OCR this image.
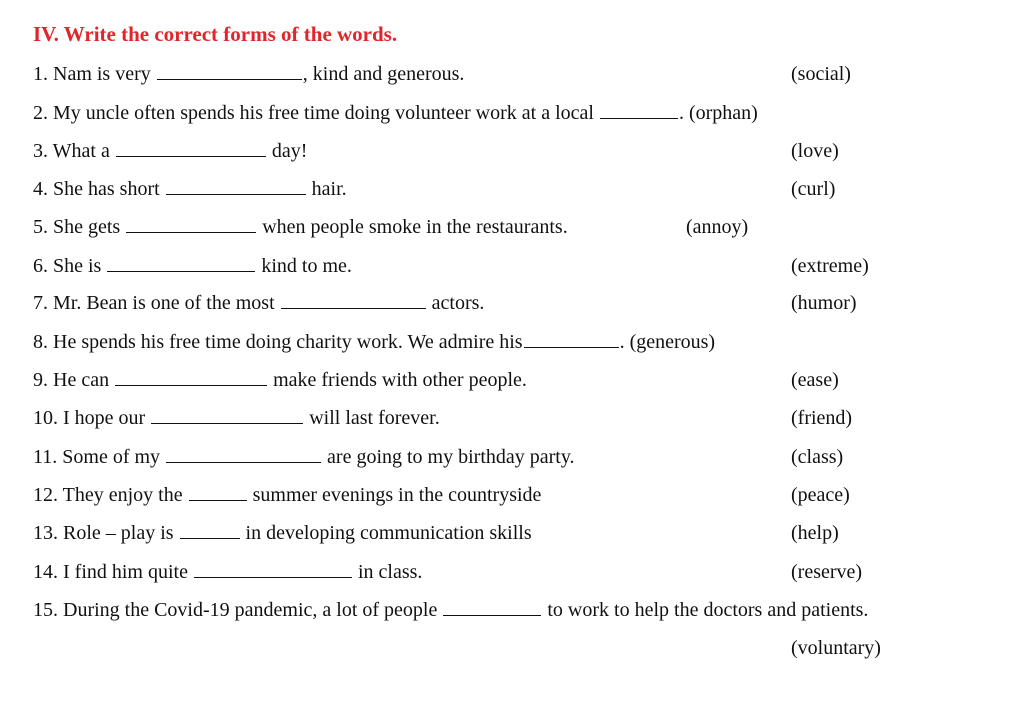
IV. Write the correct forms of the words.
1. Nam is very	, kind and generous.	(social)
2. My uncle often spends his free time doing volunteer work at a local	. (orphan)
3. What a	day!	(love)
4. She has short	hair.	(curl)
5. She gets	when people smoke in the restaurants.	(annoy)
6. She is	kind to me.	(extreme)
7. Mr. Bean is one of the most	actors.	(humor)
8. He spends his free time doing charity work. We admire his	. (generous)
9. He can	make friends with other people.	(ease)
10. I hope our	will last forever.	(friend)
11. Some of my	are going to my birthday party.	(class)
12. They enjoy the	summer evenings in the countryside	(peace)
13. Role – play is	in developing communication skills	(help)
14. I find him quite	in class.	(reserve)
15. During the Covid-19 pandemic, a lot of people	to work to help the doctors and patients.
(voluntary)
